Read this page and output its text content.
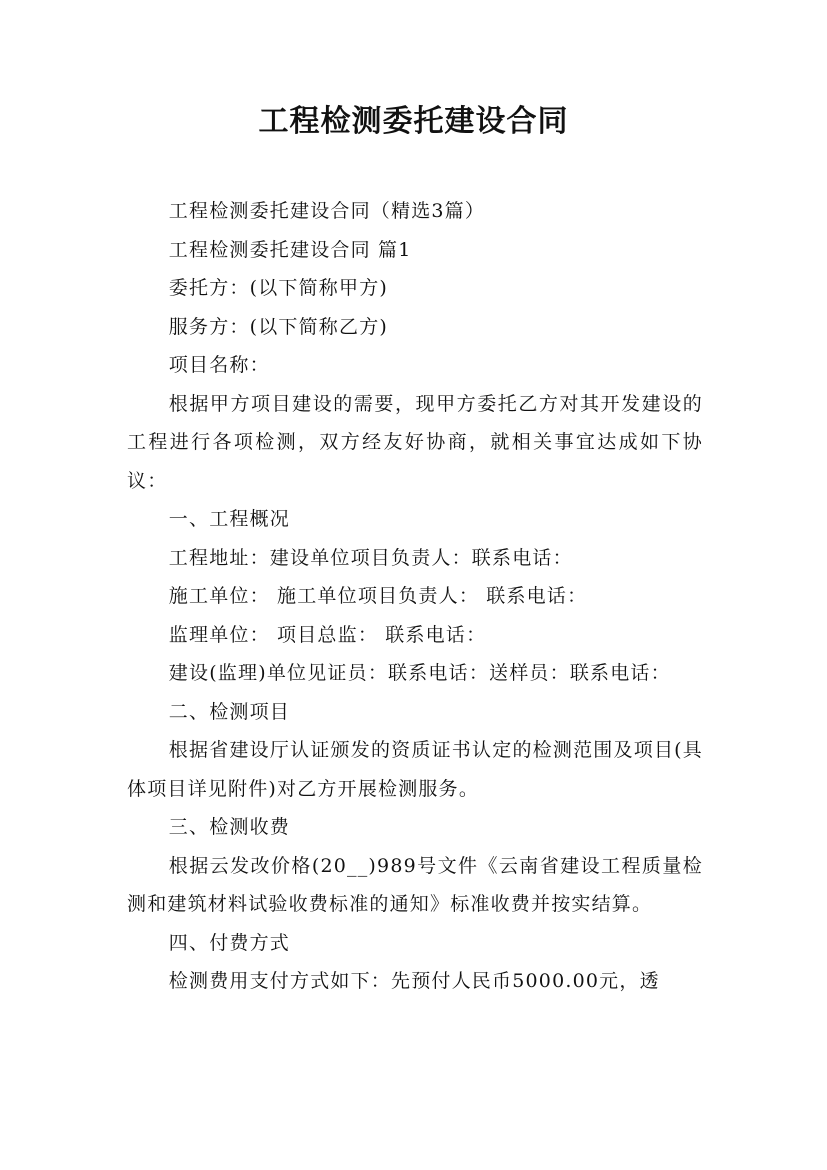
工程检测委托建设合同

工程检测委托建设合同（精选3篇）

工程检测委托建设合同 篇1

委托方：(以下简称甲方)

服务方：(以下简称乙方)

项目名称：

根据甲方项目建设的需要，现甲方委托乙方对其开发建设的工程进行各项检测，双方经友好协商，就相关事宜达成如下协议：

一、工程概况

工程地址：建设单位项目负责人：联系电话：

施工单位： 施工单位项目负责人： 联系电话：

监理单位： 项目总监： 联系电话：

建设(监理)单位见证员：联系电话：送样员：联系电话：

二、检测项目

根据省建设厅认证颁发的资质证书认定的检测范围及项目(具体项目详见附件)对乙方开展检测服务。

三、检测收费

根据云发改价格(20__)989号文件《云南省建设工程质量检测和建筑材料试验收费标准的通知》标准收费并按实结算。

四、付费方式

检测费用支付方式如下：先预付人民币5000.00元，透
